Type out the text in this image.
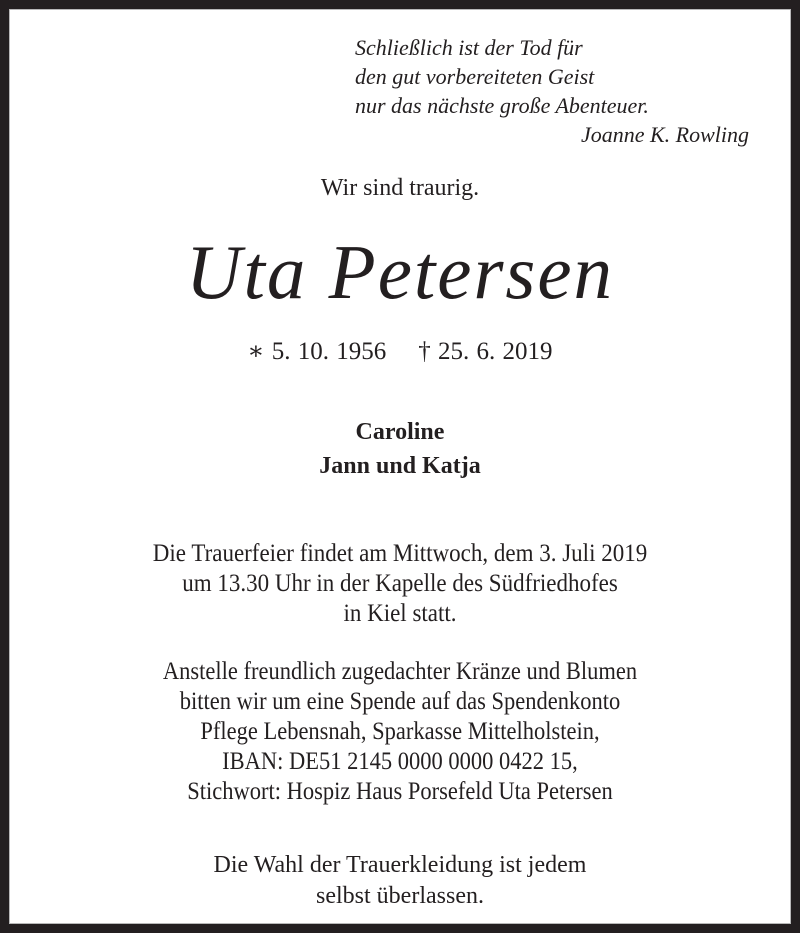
Schließlich ist der Tod für
den gut vorbereiteten Geist
nur das nächste große Abenteuer.
Joanne K. Rowling
Wir sind traurig.
Uta Petersen
∗ 5. 10. 1956 † 25. 6. 2019
Caroline
Jann und Katja
Die Trauerfeier findet am Mittwoch, dem 3. Juli 2019
um 13.30 Uhr in der Kapelle des Südfriedhofes
in Kiel statt.
Anstelle freundlich zugedachter Kränze und Blumen
bitten wir um eine Spende auf das Spendenkonto
Pflege Lebensnah, Sparkasse Mittelholstein,
IBAN: DE51 2145 0000 0000 0422 15,
Stichwort: Hospiz Haus Porsefeld Uta Petersen
Die Wahl der Trauerkleidung ist jedem
selbst überlassen.
